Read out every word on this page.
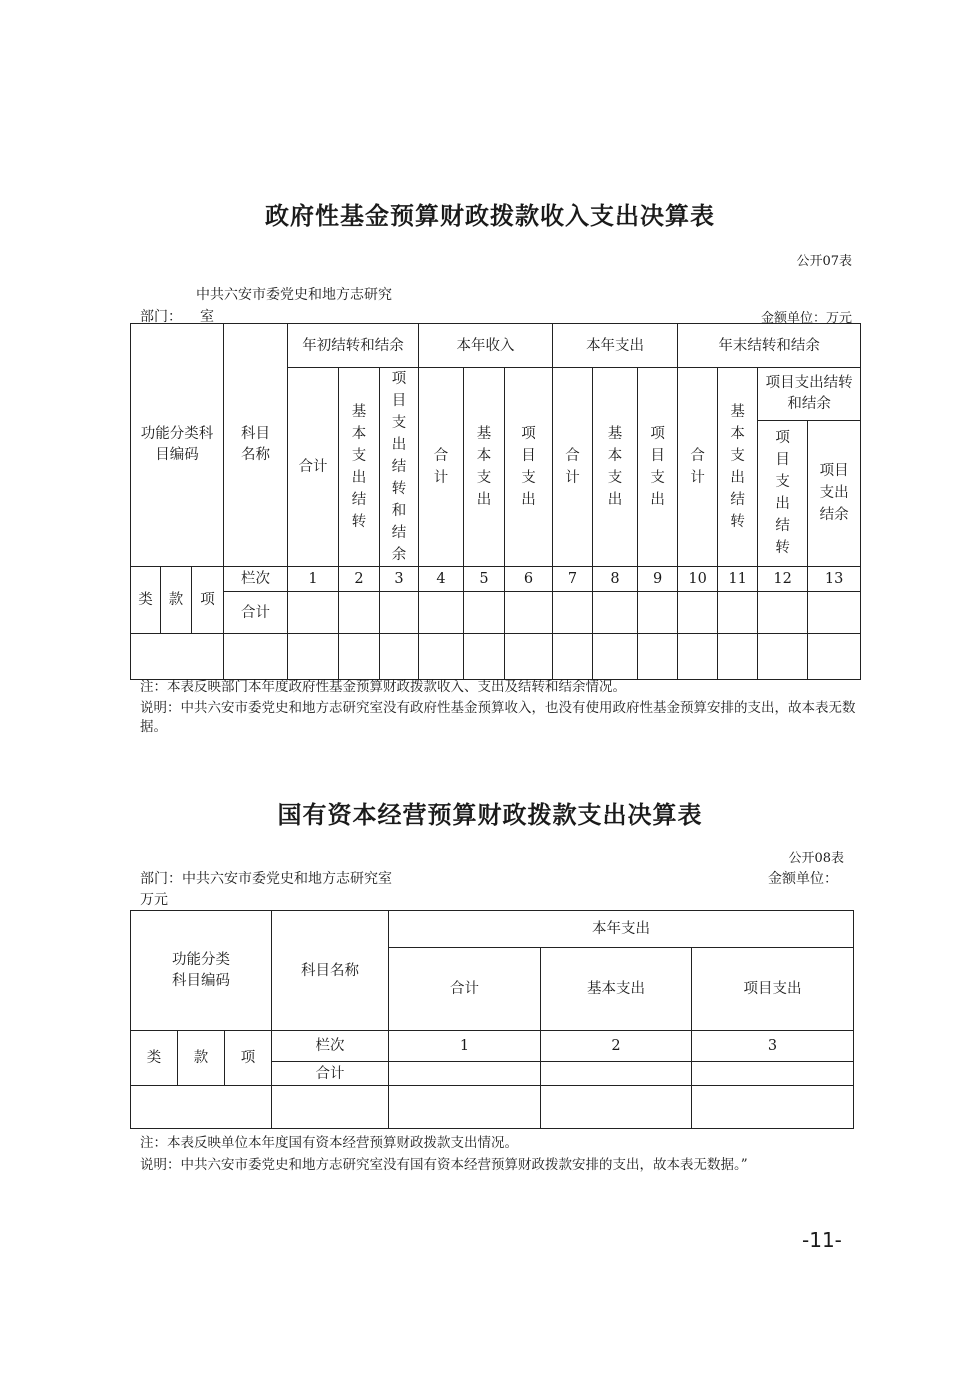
政府性基金预算财政拨款收入支出决算表
公开07表
中共六安市委党史和地方志研究
部门： 室	金额单位：万元
功能分类科目编码			科目名称	年初结转和结余			本年收入			本年支出			年末结转和结余			
				合计	基本支出结转	项目支出结转和结余	合计	基本支出	项目支出	合计	基本支出	项目支出	合计	基本支出结转	项目支出结转和结余	
															项目支出结转	项目支出结余
类	款	项	栏次	1	2	3	4	5	6	7	8	9	10	11	12	13
			合计													

注：本表反映部门本年度政府性基金预算财政拨款收入、支出及结转和结余情况。
说明：中共六安市委党史和地方志研究室没有政府性基金预算收入，也没有使用政府性基金预算安排的支出，故本表无数据。
国有资本经营预算财政拨款支出决算表
公开08表
部门：中共六安市委党史和地方志研究室	金额单位：
万元
功能分类科目编码			科目名称	本年支出		
				合计	基本支出	项目支出
类	款	项	栏次	1	2	3
			合计			

注：本表反映单位本年度国有资本经营预算财政拨款支出情况。
说明：中共六安市委党史和地方志研究室没有国有资本经营预算财政拨款安排的支出，故本表无数据。”
-11-
